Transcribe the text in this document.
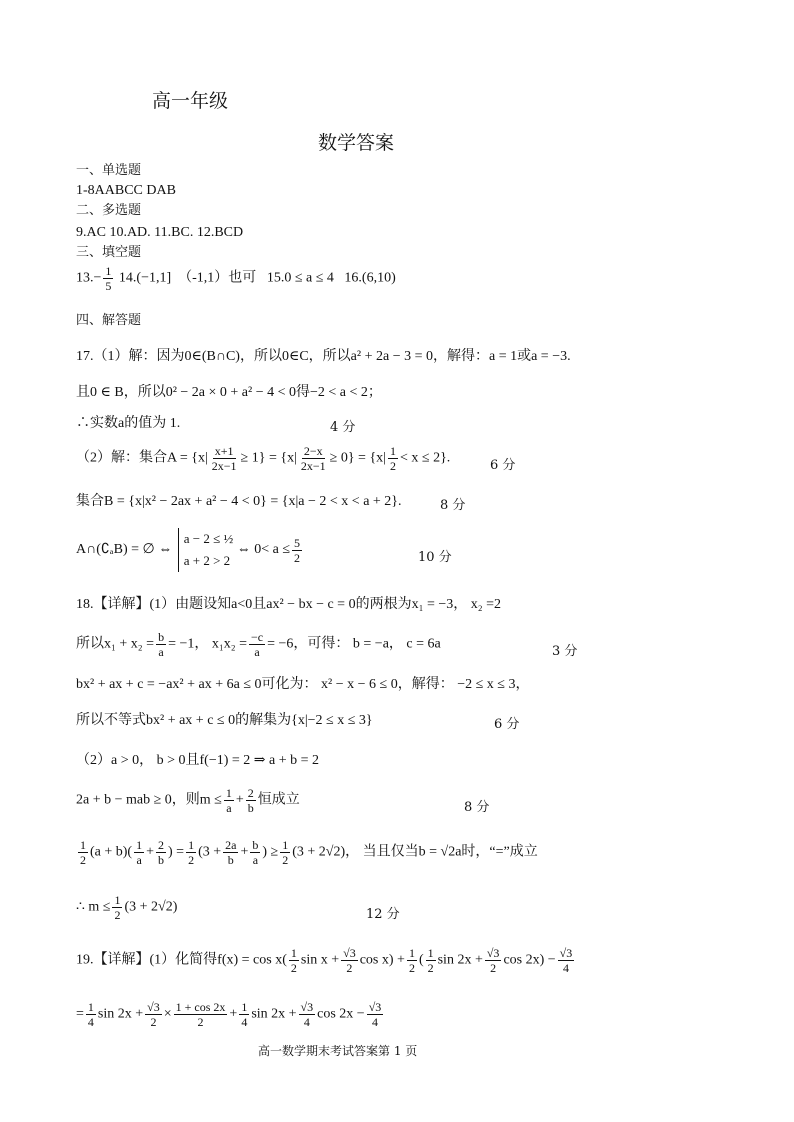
高一年级
数学答案
一、单选题
1-8AABCC DAB
二、多选题
9.AC 10.AD. 11.BC. 12.BCD
三、填空题
$13.- \frac{1}{5} 14.(-1,1]$ （-1,1）也可 15.0 ≤ a ≤ 4 16.(6,10)
四、解答题
17.（1）解：因为0∈(B∩C)，所以0∈C，所以a² + 2a − 3 = 0，解得：a = 1或a = −3.
且0 ∈ B，所以0² − 2a × 0 + a² − 4 < 0得−2 < a < 2；
∴实数a的值为 1.	4 分
（2）解：集合$A = \{x| \frac{x+1}{2x-1} \ge 1\} = \{x| \frac{2-x}{2x-1} \ge 0\} = \{x| \frac{1}{2} < x \le 2\}$.	6 分
集合B = {x|x² − 2ax + a² − 4 < 0} = {x|a − 2 < x < a + 2}.	8 分
A∩(∁ₐB) = ∅ ⇔
a − 2 ≤ ½
a + 2 > 2
⇔ $0< a \le \frac{5}{2}$	10 分
18.【详解】(1）由题设知a<0且ax² − bx − c = 0的两根为x₁ = −3， x₂ =2
所以$x_1 + x_2 = \frac{b}{a} = -1$， $x_1x_2 = \frac{-c}{a} = -6$，可得： b = −a， c = 6a	3 分
bx² + ax + c = −ax² + ax + 6a ≤ 0可化为： x² − x − 6 ≤ 0，解得： −2 ≤ x ≤ 3，
所以不等式bx² + ax + c ≤ 0的解集为{x|−2 ≤ x ≤ 3}	6 分
（2）a > 0， b > 0且f(−1) = 2 ⇒ a + b = 2
2a + b − mab ≥ 0，则$m \le \frac{1}{a} + \frac{2}{b}$ 恒成立	8 分
$\frac{1}{2} (a + b)( \frac{1}{a} + \frac{2}{b}$ ) = $\frac{1}{2} (3 + \frac{2a}{b} + \frac{b}{a}$ ) ≥ $\frac{1}{2} (3 + 2√2)$， 当且仅当b = √2a时，“=”成立
∴ $m \le \frac{1}{2} (3 + 2√2)$	12 分
19.【详解】(1）化简得$f(x) = \cos x( \frac{1}{2}$ $\sin x + \frac{√3}{2}$ $\cos x) + \frac{1}{2}$ ( $\frac{1}{2}$ $\sin 2x + \frac{√3}{2}$ $\cos 2x) - \frac{√3}{4}$
= $\frac{1}{4}$ $\sin 2x + \frac{√3}{2} \times \frac{1 + \cos 2x}{2} + \frac{1}{4}$ $\sin 2x + \frac{√3}{4}$ $\cos 2x - \frac{√3}{4}$
高一数学期末考试答案第 1 页
